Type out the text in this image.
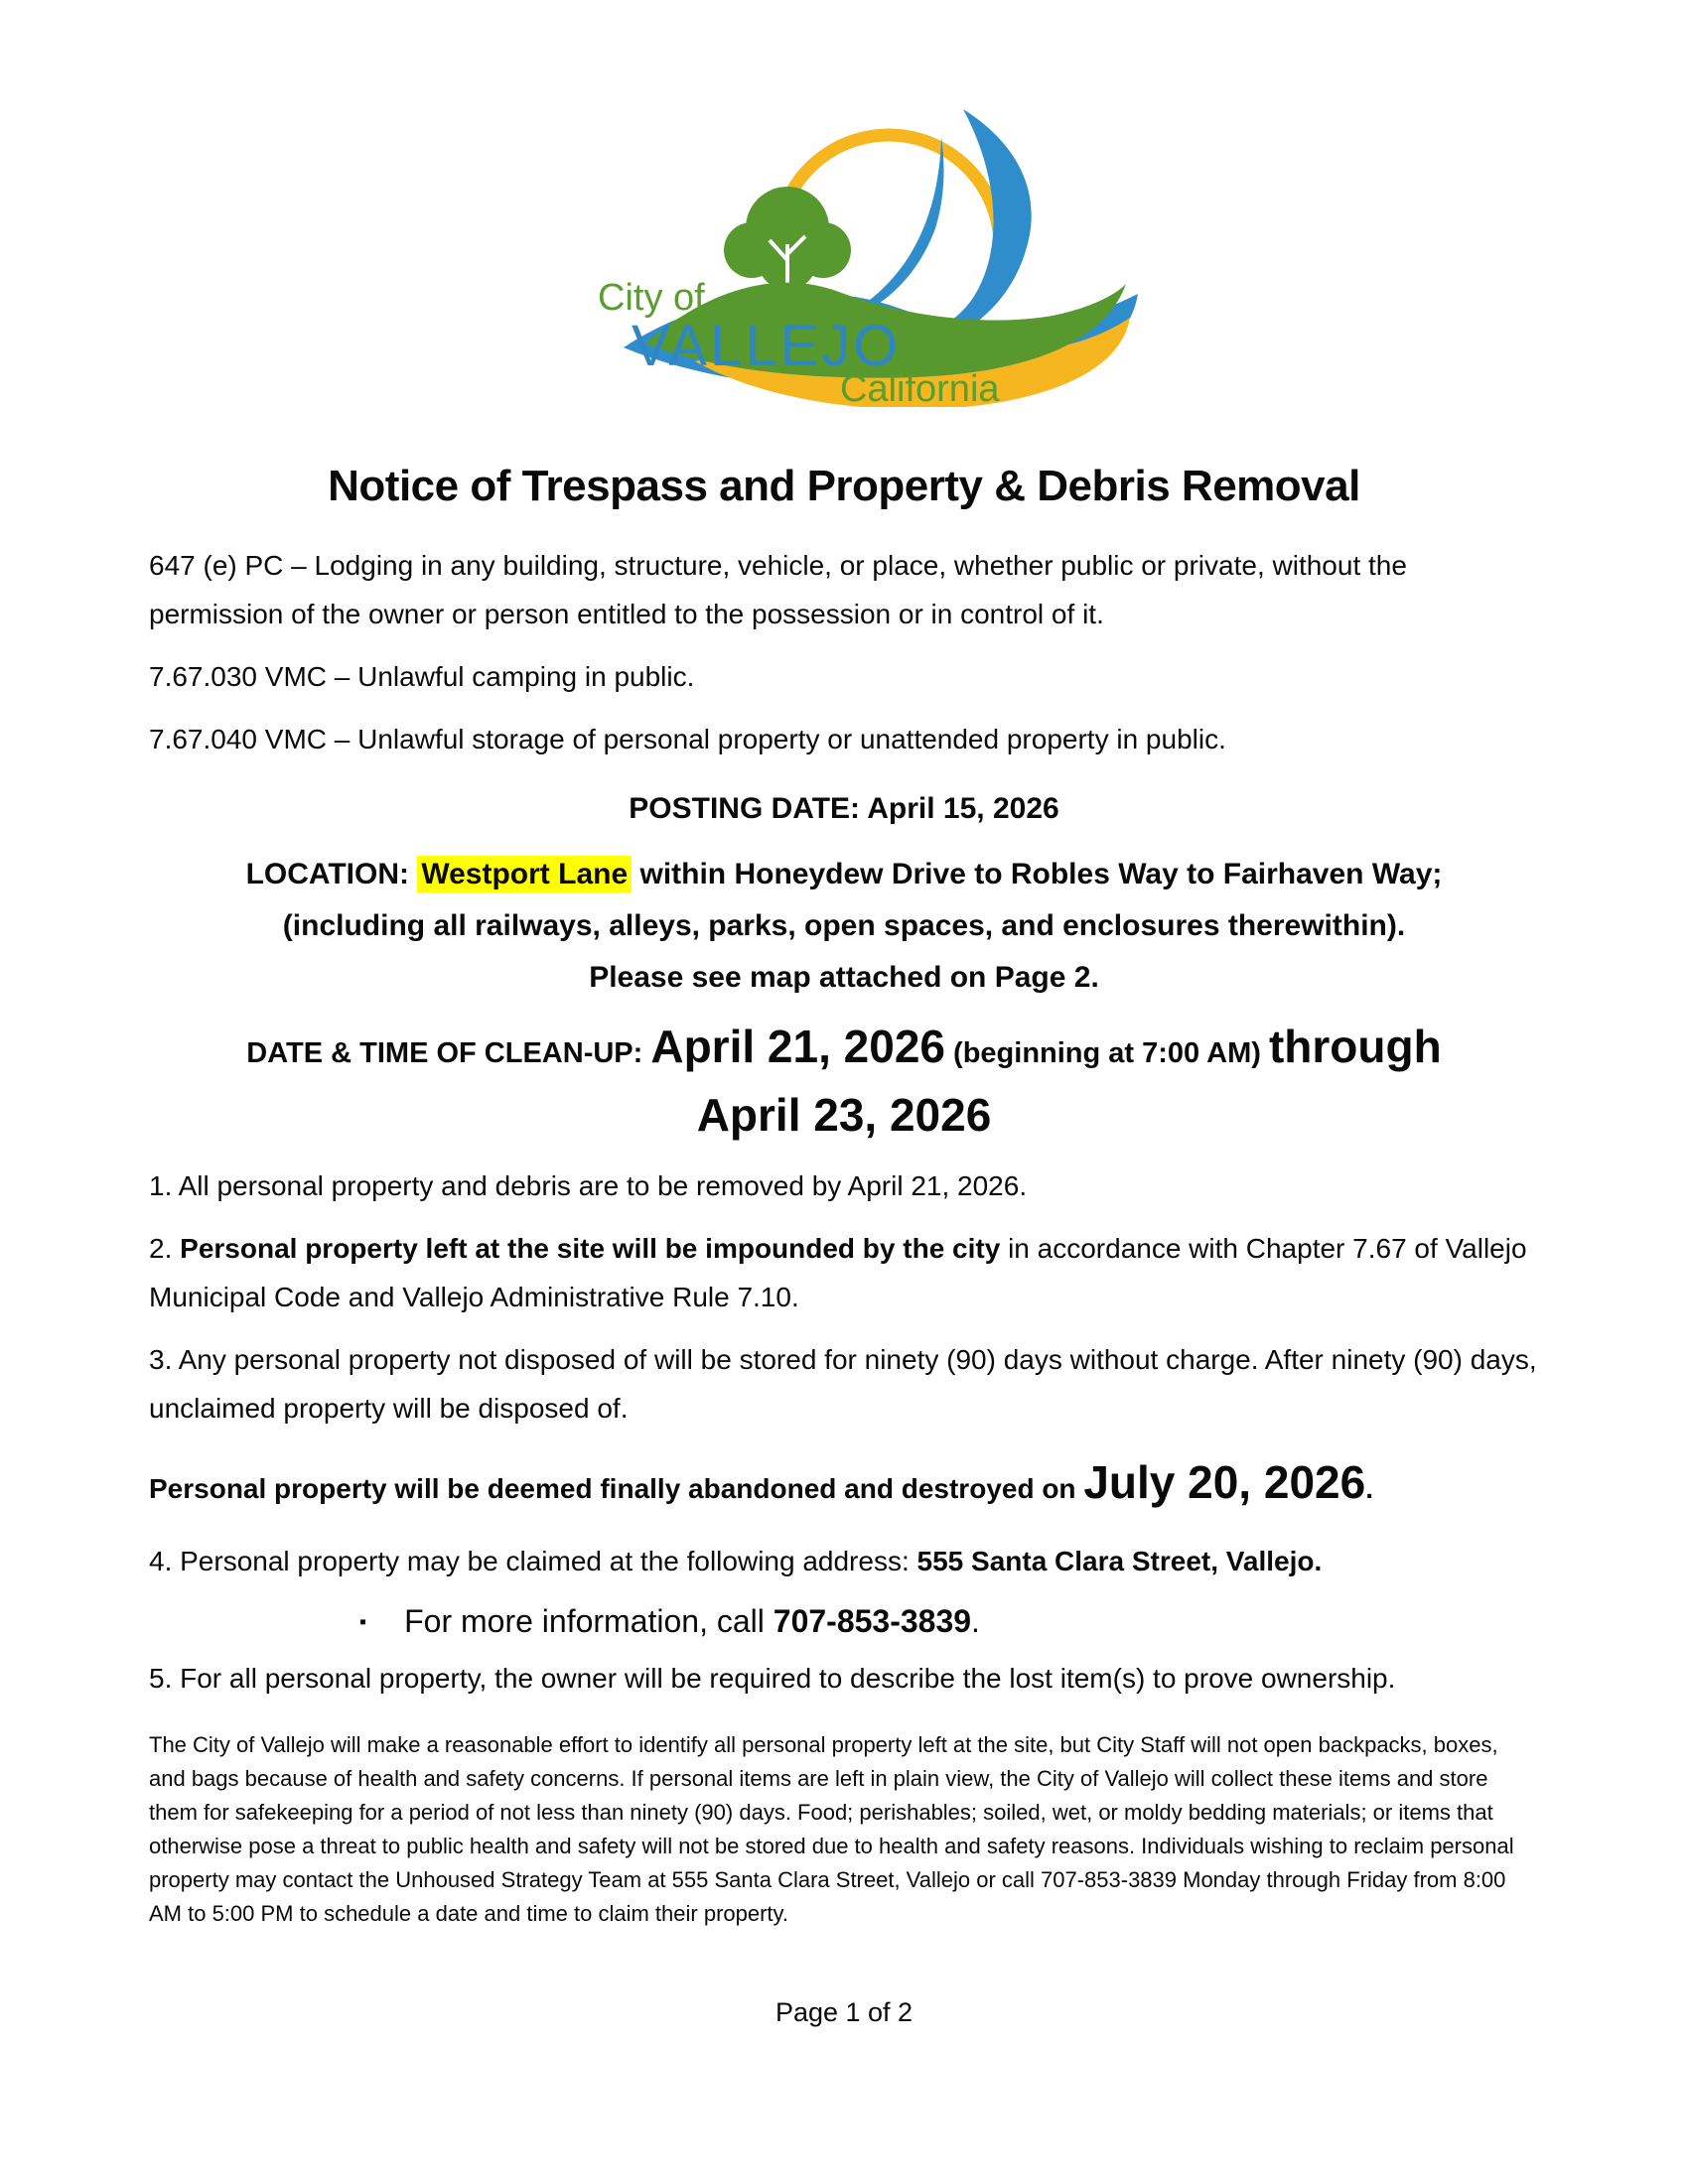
City of
VALLEJO
California
Notice of Trespass and Property & Debris Removal

647 (e) PC – Lodging in any building, structure, vehicle, or place, whether public or private, without the permission of the owner or person entitled to the possession or in control of it.

7.67.030 VMC – Unlawful camping in public.

7.67.040 VMC – Unlawful storage of personal property or unattended property in public.

POSTING DATE: April 15, 2026
LOCATION: Westport Lane within Honeydew Drive to Robles Way to Fairhaven Way;
(including all railways, alleys, parks, open spaces, and enclosures therewithin).
Please see map attached on Page 2.
DATE & TIME OF CLEAN-UP: April 21, 2026 (beginning at 7:00 AM) through
April 23, 2026

1. All personal property and debris are to be removed by April 21, 2026.

2. Personal property left at the site will be impounded by the city in accordance with Chapter 7.67 of Vallejo Municipal Code and Vallejo Administrative Rule 7.10.

3. Any personal property not disposed of will be stored for ninety (90) days without charge. After ninety (90) days, unclaimed property will be disposed of.

Personal property will be deemed finally abandoned and destroyed on July 20, 2026.

4. Personal property may be claimed at the following address: 555 Santa Clara Street, Vallejo.

▪ For more information, call 707-853-3839.

5. For all personal property, the owner will be required to describe the lost item(s) to prove ownership.

The City of Vallejo will make a reasonable effort to identify all personal property left at the site, but City Staff will not open backpacks, boxes, and bags because of health and safety concerns. If personal items are left in plain view, the City of Vallejo will collect these items and store them for safekeeping for a period of not less than ninety (90) days. Food; perishables; soiled, wet, or moldy bedding materials; or items that otherwise pose a threat to public health and safety will not be stored due to health and safety reasons. Individuals wishing to reclaim personal property may contact the Unhoused Strategy Team at 555 Santa Clara Street, Vallejo or call 707-853-3839 Monday through Friday from 8:00 AM to 5:00 PM to schedule a date and time to claim their property.

Page 1 of 2
